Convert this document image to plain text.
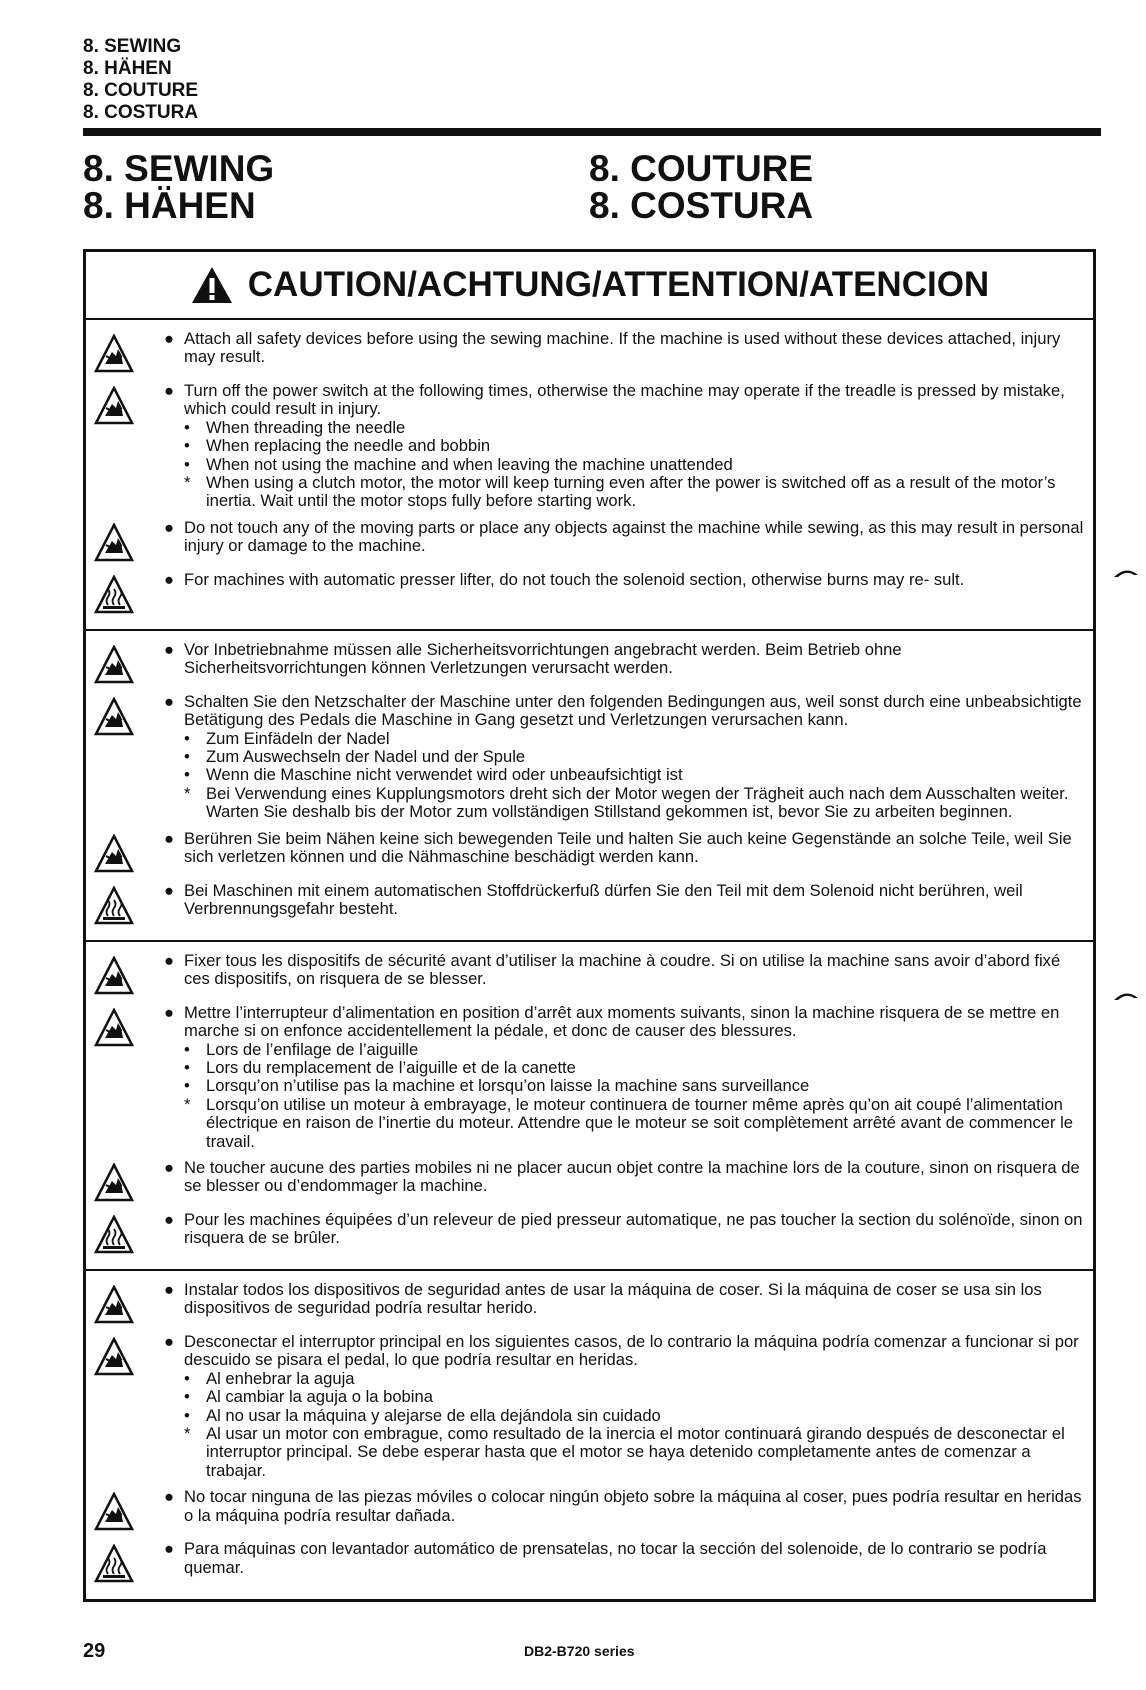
8. SEWING
8. HÄHEN
8. COUTURE
8. COSTURA
8. SEWING
8. HÄHEN
8. COUTURE
8. COSTURA
CAUTION/ACHTUNG/ATTENTION/ATENCION
● Attach all safety devices before using the sewing machine. If the machine is used without these devices attached, injury may result.
● Turn off the power switch at the following times, otherwise the machine may operate if the treadle is pressed by mistake, which could result in injury.
• When threading the needle
• When replacing the needle and bobbin
• When not using the machine and when leaving the machine unattended
* When using a clutch motor, the motor will keep turning even after the power is switched off as a result of the motor’s inertia. Wait until the motor stops fully before starting work.
● Do not touch any of the moving parts or place any objects against the machine while sewing, as this may result in personal injury or damage to the machine.
● For machines with automatic presser lifter, do not touch the solenoid section, otherwise burns may re- sult.
● Vor Inbetriebnahme müssen alle Sicherheitsvorrichtungen angebracht werden. Beim Betrieb ohne Sicherheitsvorrichtungen können Verletzungen verursacht werden.
● Schalten Sie den Netzschalter der Maschine unter den folgenden Bedingungen aus, weil sonst durch eine unbeabsichtigte Betätigung des Pedals die Maschine in Gang gesetzt und Verletzungen verursachen kann.
• Zum Einfädeln der Nadel
• Zum Auswechseln der Nadel und der Spule
• Wenn die Maschine nicht verwendet wird oder unbeaufsichtigt ist
* Bei Verwendung eines Kupplungsmotors dreht sich der Motor wegen der Trägheit auch nach dem Ausschalten weiter. Warten Sie deshalb bis der Motor zum vollständigen Stillstand gekommen ist, bevor Sie zu arbeiten beginnen.
● Berühren Sie beim Nähen keine sich bewegenden Teile und halten Sie auch keine Gegenstände an solche Teile, weil Sie sich verletzen können und die Nähmaschine beschädigt werden kann.
● Bei Maschinen mit einem automatischen Stoffdrückerfuß dürfen Sie den Teil mit dem Solenoid nicht berühren, weil Verbrennungsgefahr besteht.
● Fixer tous les dispositifs de sécurité avant d’utiliser la machine à coudre. Si on utilise la machine sans avoir d’abord fixé ces dispositifs, on risquera de se blesser.
● Mettre l’interrupteur d’alimentation en position d’arrêt aux moments suivants, sinon la machine risquera de se mettre en marche si on enfonce accidentellement la pédale, et donc de causer des blessures.
• Lors de l’enfilage de l’aiguille
• Lors du remplacement de l’aiguille et de la canette
• Lorsqu’on n’utilise pas la machine et lorsqu’on laisse la machine sans surveillance
* Lorsqu’on utilise un moteur à embrayage, le moteur continuera de tourner même après qu’on ait coupé l’alimentation électrique en raison de l’inertie du moteur. Attendre que le moteur se soit complètement arrêté avant de commencer le travail.
● Ne toucher aucune des parties mobiles ni ne placer aucun objet contre la machine lors de la couture, sinon on risquera de se blesser ou d’endommager la machine.
● Pour les machines équipées d’un releveur de pied presseur automatique, ne pas toucher la section du solénoïde, sinon on risquera de se brûler.
● Instalar todos los dispositivos de seguridad antes de usar la máquina de coser. Si la máquina de coser se usa sin los dispositivos de seguridad podría resultar herido.
● Desconectar el interruptor principal en los siguientes casos, de lo contrario la máquina podría comenzar a funcionar si por descuido se pisara el pedal, lo que podría resultar en heridas.
• Al enhebrar la aguja
• Al cambiar la aguja o la bobina
• Al no usar la máquina y alejarse de ella dejándola sin cuidado
* Al usar un motor con embrague, como resultado de la inercia el motor continuará girando después de desconectar el interruptor principal. Se debe esperar hasta que el motor se haya detenido completamente antes de comenzar a trabajar.
● No tocar ninguna de las piezas móviles o colocar ningún objeto sobre la máquina al coser, pues podría resultar en heridas o la máquina podría resultar dañada.
● Para máquinas con levantador automático de prensatelas, no tocar la sección del solenoide, de lo contrario se podría quemar.
29	DB2-B720 series
